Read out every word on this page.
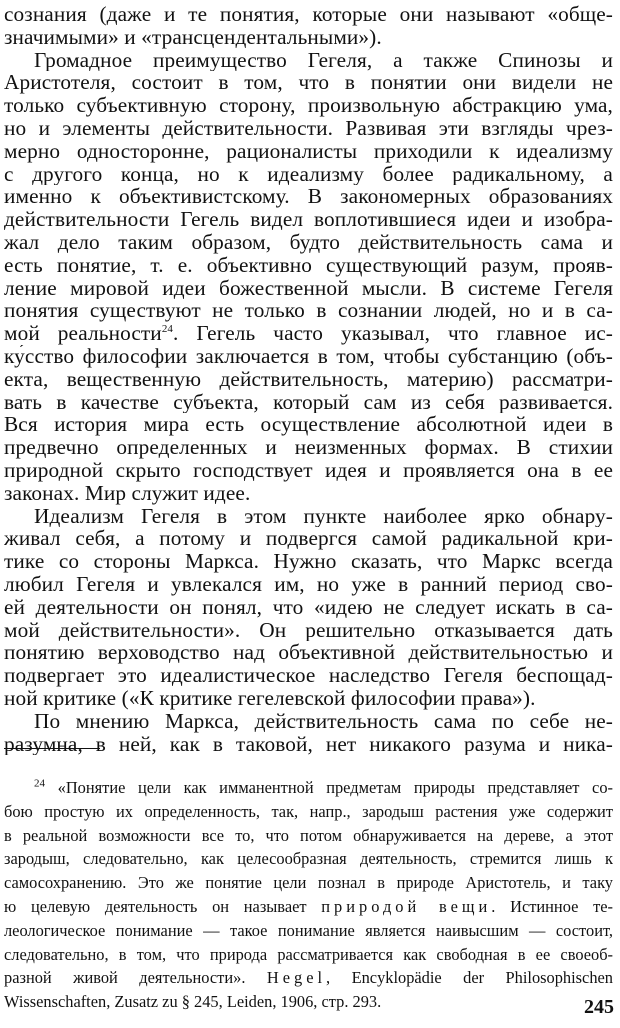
сознания (даже и те понятия, которые они называют «обще-
значимыми» и «трансцендентальными»).
Громадное преимущество Гегеля, а также Спинозы и
Аристотеля, состоит в том, что в понятии они видели не
только субъективную сторону, произвольную абстракцию ума,
но и элементы действительности. Развивая эти взгляды чрез-
мерно односторонне, рационалисты приходили к идеализму
с другого конца, но к идеализму более радикальному, а
именно к объективистскому. В закономерных образованиях
действительности Гегель видел воплотившиеся идеи и изобра-
жал дело таким образом, будто действительность сама и
есть понятие, т. е. объективно существующий разум, прояв-
ление мировой идеи божественной мысли. В системе Гегеля
понятия существуют не только в сознании людей, но и в са-
мой реальности$^{24}$. Гегель часто указывал, что главное ис-
ку́сство философии заключается в том, чтобы субстанцию (объ-
екта, вещественную действительность, материю) рассматри-
вать в качестве субъекта, который сам из себя развивается.
Вся история мира есть осуществление абсолютной идеи в
предвечно определенных и неизменных формах. В стихии
природной скрыто господствует идея и проявляется она в ее
законах. Мир служит идее.
Идеализм Гегеля в этом пункте наиболее ярко обнару-
живал себя, а потому и подвергся самой радикальной кри-
тике со стороны Маркса. Нужно сказать, что Маркс всегда
любил Гегеля и увлекался им, но уже в ранний период сво-
ей деятельности он понял, что «идею не следует искать в са-
мой действительности». Он решительно отказывается дать
понятию верховодство над объективной действительностью и
подвергает это идеалистическое наследство Гегеля беспощад-
ной критике («К критике гегелевской философии права»).
По мнению Маркса, действительность сама по себе не-
разумна, в ней, как в таковой, нет никакого разума и ника-
$^{24}$ «Понятие цели как имманентной предметам природы представляет со-
бою простую их определенность, так, напр., зародыш растения уже содержит
в реальной возможности все то, что потом обнаруживается на дереве, а этот
зародыш, следовательно, как целесообразная деятельность, стремится лишь к
самосохранению. Это же понятие цели познал в природе Аристотель, и таку
ю целевую деятельность он называет природой вещи. Истинное те-
леологическое понимание — такое понимание является наивысшим — состоит,
следовательно, в том, что природа рассматривается как свободная в ее своеоб-
разной живой деятельности». Hegel, Encyklopädie der Philosophischen
Wissenschaften, Zusatz zu § 245, Leiden, 1906, стр. 293.	245
